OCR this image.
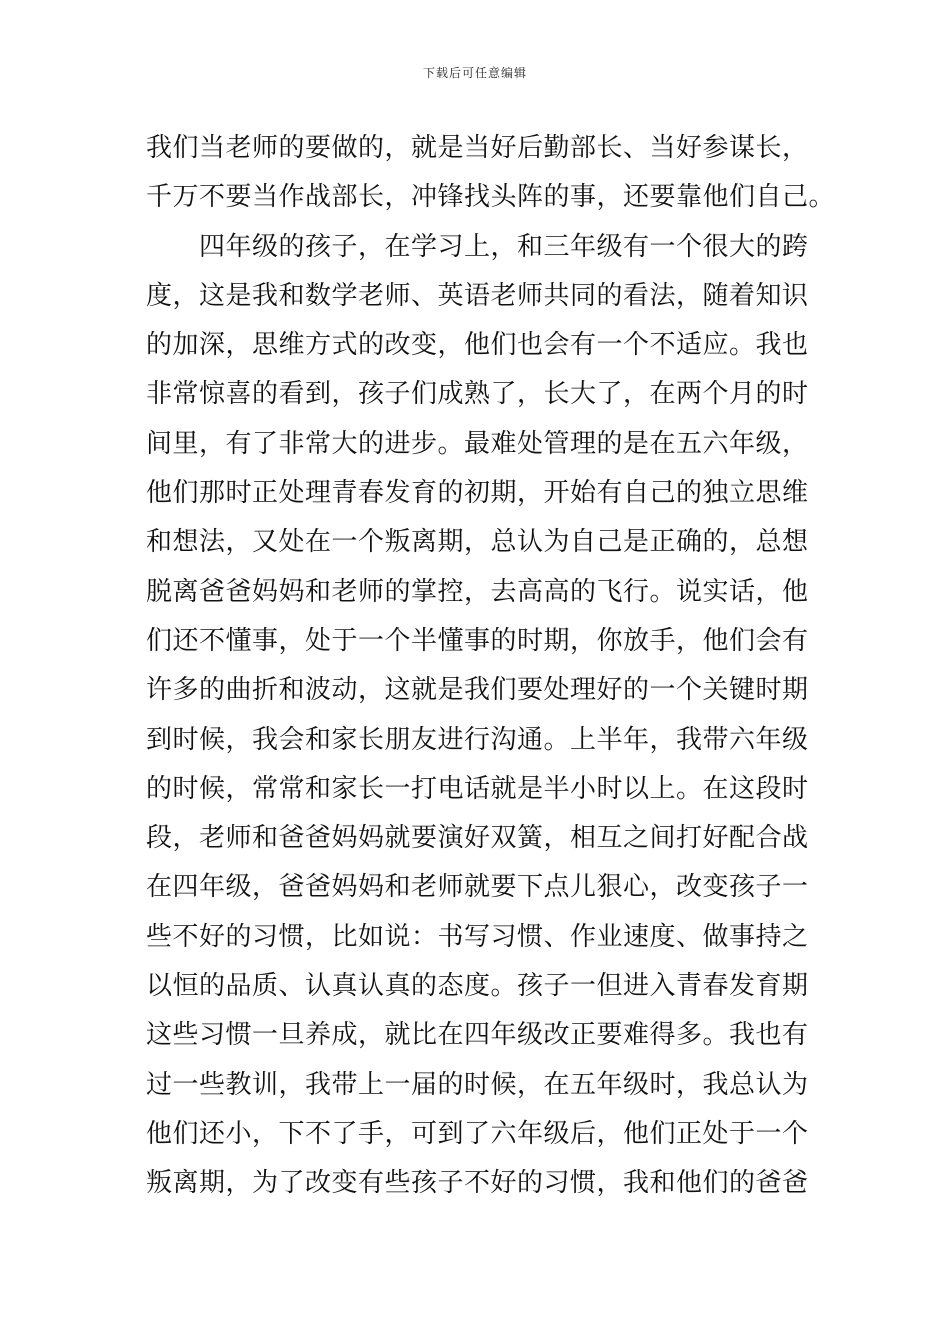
下载后可任意编辑
我们当老师的要做的，就是当好后勤部长、当好参谋长，
千万不要当作战部长，冲锋找头阵的事，还要靠他们自己。
　　四年级的孩子，在学习上，和三年级有一个很大的跨
度，这是我和数学老师、英语老师共同的看法，随着知识
的加深，思维方式的改变，他们也会有一个不适应。我也
非常惊喜的看到，孩子们成熟了，长大了，在两个月的时
间里，有了非常大的进步。最难处管理的是在五六年级，
他们那时正处理青春发育的初期，开始有自己的独立思维
和想法，又处在一个叛离期，总认为自己是正确的，总想
脱离爸爸妈妈和老师的掌控，去高高的飞行。说实话，他
们还不懂事，处于一个半懂事的时期，你放手，他们会有
许多的曲折和波动，这就是我们要处理好的一个关键时期
到时候，我会和家长朋友进行沟通。上半年，我带六年级
的时候，常常和家长一打电话就是半小时以上。在这段时
段，老师和爸爸妈妈就要演好双簧，相互之间打好配合战
在四年级，爸爸妈妈和老师就要下点儿狠心，改变孩子一
些不好的习惯，比如说：书写习惯、作业速度、做事持之
以恒的品质、认真认真的态度。孩子一但进入青春发育期
这些习惯一旦养成，就比在四年级改正要难得多。我也有
过一些教训，我带上一届的时候，在五年级时，我总认为
他们还小，下不了手，可到了六年级后，他们正处于一个
叛离期，为了改变有些孩子不好的习惯，我和他们的爸爸
